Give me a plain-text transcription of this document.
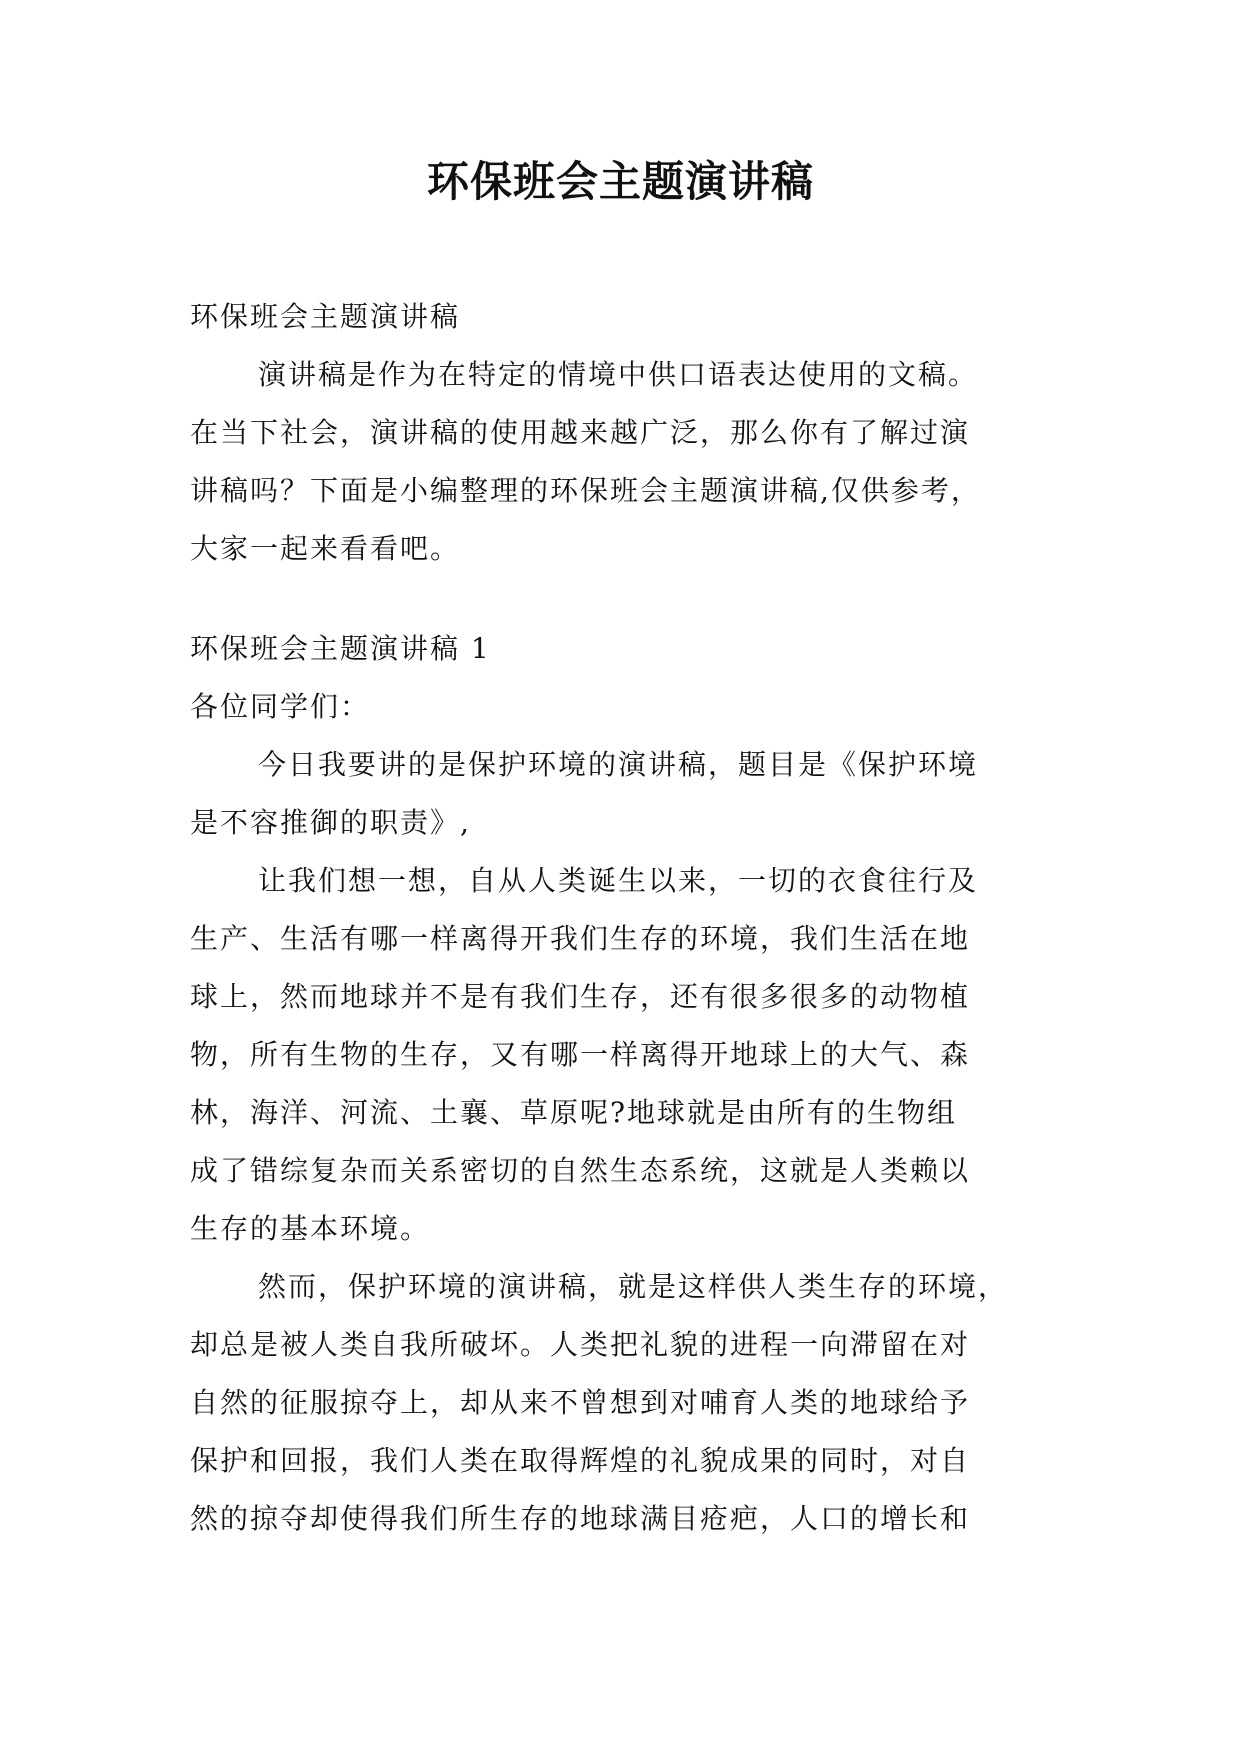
环保班会主题演讲稿
环保班会主题演讲稿
演讲稿是作为在特定的情境中供口语表达使用的文稿。
在当下社会，演讲稿的使用越来越广泛，那么你有了解过演
讲稿吗？下面是小编整理的环保班会主题演讲稿,仅供参考，
大家一起来看看吧。
环保班会主题演讲稿 1
各位同学们：
今日我要讲的是保护环境的演讲稿，题目是《保护环境
是不容推御的职责》,
让我们想一想，自从人类诞生以来，一切的衣食往行及
生产、生活有哪一样离得开我们生存的环境，我们生活在地
球上，然而地球并不是有我们生存，还有很多很多的动物植
物，所有生物的生存，又有哪一样离得开地球上的大气、森
林，海洋、河流、土襄、草原呢?地球就是由所有的生物组
成了错综复杂而关系密切的自然生态系统，这就是人类赖以
生存的基本环境。
然而，保护环境的演讲稿，就是这样供人类生存的环境，
却总是被人类自我所破坏。人类把礼貌的进程一向滞留在对
自然的征服掠夺上，却从来不曾想到对哺育人类的地球给予
保护和回报，我们人类在取得辉煌的礼貌成果的同时，对自
然的掠夺却使得我们所生存的地球满目疮疤，人口的增长和
